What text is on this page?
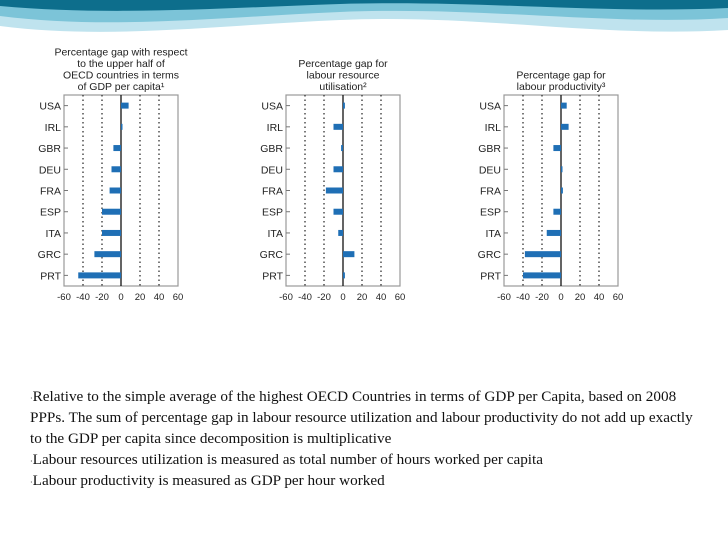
Percentage gap with respect
to the upper half of
OECD countries in terms
of GDP per capita¹
USA
IRL
GBR
DEU
FRA
ESP
ITA
GRC
PRT
-60 -40 -20 0 20 40 60
Percentage gap for
labour resource
utilisation²
USA
IRL
GBR
DEU
FRA
ESP
ITA
GRC
PRT
-60 -40 -20 0 20 40 60
Percentage gap for
labour productivity³
USA
IRL
GBR
DEU
FRA
ESP
ITA
GRC
PRT
-60 -40 -20 0 20 40 60

·Relative to the simple average of the highest OECD Countries in terms of GDP per Capita, based on 2008 PPPs. The sum of percentage gap in labour resource utilization and labour productivity do not add up exactly to the GDP per capita since decomposition is multiplicative

·Labour resources utilization is measured as total number of hours worked per capita

·Labour productivity is measured as GDP per hour worked
